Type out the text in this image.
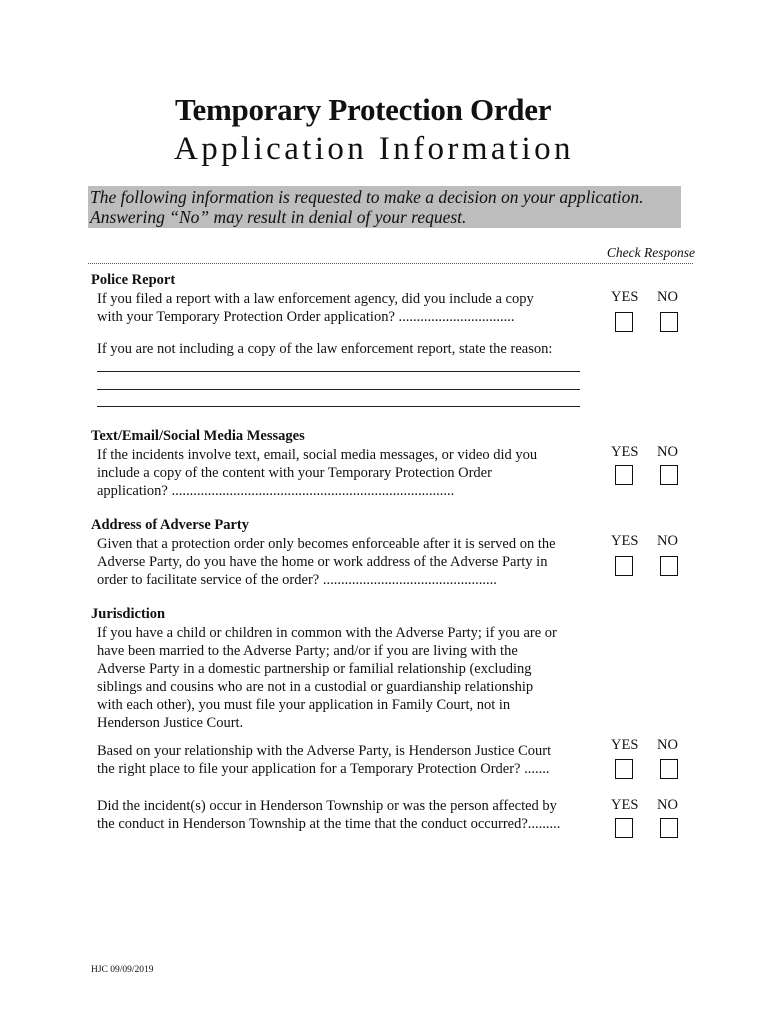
Temporary Protection Order
Application Information
The following information is requested to make a decision on your application.
Answering “No” may result in denial of your request.
Check Response
Police Report
If you filed a report with a law enforcement agency, did you include a copy
with your Temporary Protection Order application? ................................
YES NO
If you are not including a copy of the law enforcement report, state the reason:
Text/Email/Social Media Messages
If the incidents involve text, email, social media messages, or video did you
include a copy of the content with your Temporary Protection Order
application? ..............................................................................
YES NO
Address of Adverse Party
Given that a protection order only becomes enforceable after it is served on the
Adverse Party, do you have the home or work address of the Adverse Party in
order to facilitate service of the order? ................................................
YES NO
Jurisdiction
If you have a child or children in common with the Adverse Party; if you are or
have been married to the Adverse Party; and/or if you are living with the
Adverse Party in a domestic partnership or familial relationship (excluding
siblings and cousins who are not in a custodial or guardianship relationship
with each other), you must file your application in Family Court, not in
Henderson Justice Court.
Based on your relationship with the Adverse Party, is Henderson Justice Court
the right place to file your application for a Temporary Protection Order? .......
YES NO
Did the incident(s) occur in Henderson Township or was the person affected by
the conduct in Henderson Township at the time that the conduct occurred?.........
YES NO
HJC 09/09/2019
